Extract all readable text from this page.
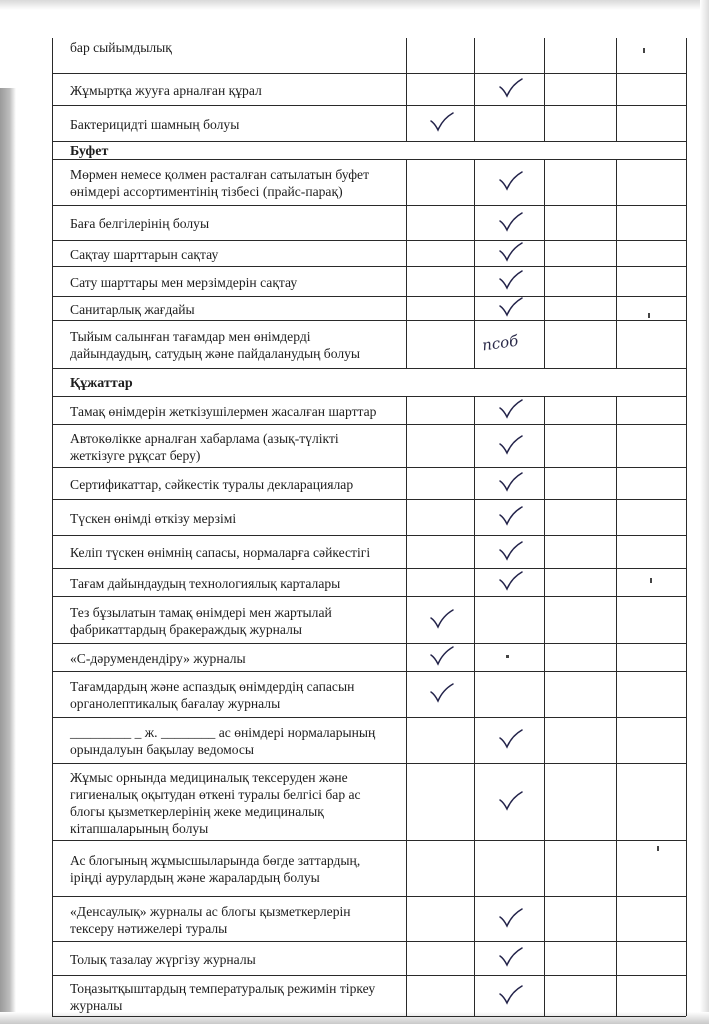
бар сыйымдылық
Жұмыртқа жууға арналған құрал
Бактерицидті шамның болуы
Буфет
Мөрмен немесе қолмен расталған сатылатын буфет
өнімдері ассортиментінің тізбесі (прайс-парақ)
Баға белгілерінің болуы
Сақтау шарттарын сақтау
Сату шарттары мен мерзімдерін сақтау
Санитарлық жағдайы
Тыйым салынған тағамдар мен өнімдерді
дайындаудың, сатудың және пайдаланудың болуы
Құжаттар
Тамақ өнімдерін жеткізушілермен жасалған шарттар
Автокөлікке арналған хабарлама (азық-түлікті
жеткізуге рұқсат беру)
Сертификаттар, сәйкестік туралы декларациялар
Түскен өнімді өткізу мерзімі
Келіп түскен өнімнің сапасы, нормаларға сәйкестігі
Тағам дайындаудың технологиялық карталары
Тез бұзылатын тамақ өнімдері мен жартылай
фабрикаттардың бракераждық журналы
«С-дәрумендендіру» журналы
Тағамдардың және аспаздық өнімдердің сапасын
органолептикалық бағалау журналы
_________ _ ж. ________ ас өнімдері нормаларының
орындалуын бақылау ведомосы
Жұмыс орнында медициналық тексеруден және
гигиеналық оқытудан өткені туралы белгісі бар ас
блогы қызметкерлерінің жеке медициналық
кітапшаларының болуы
Ас блогының жұмысшыларында бөгде заттардың,
іріңді аурулардың және жаралардың болуы
«Денсаулық» журналы ас блогы қызметкерлерін
тексеру нәтижелері туралы
Толық тазалау жүргізу журналы
Тоңазытқыштардың температуралық режимін тіркеу
журналы
псоб
